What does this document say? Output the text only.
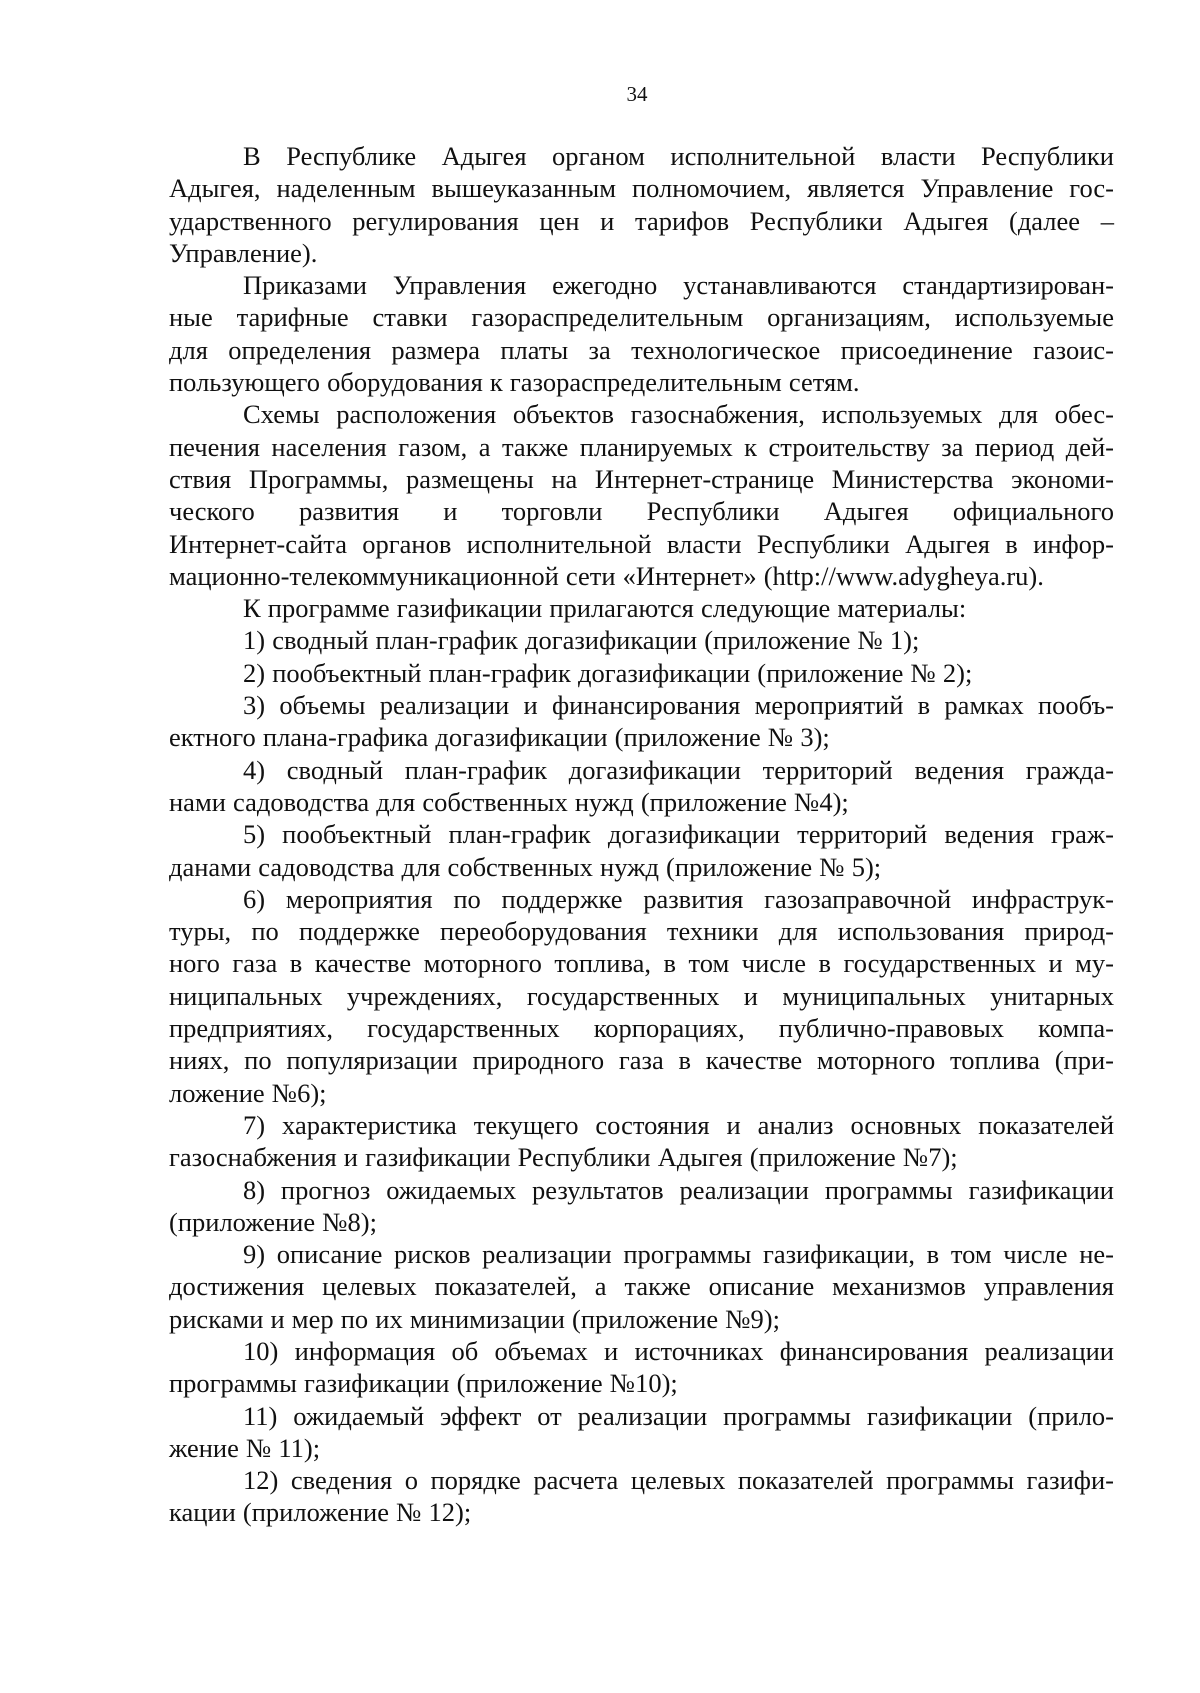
34
В Республике Адыгея органом исполнительной власти Республики
Адыгея, наделенным вышеуказанным полномочием, является Управление гос-
ударственного регулирования цен и тарифов Республики Адыгея (далее –
Управление).
Приказами Управления ежегодно устанавливаются стандартизирован-
ные тарифные ставки газораспределительным организациям, используемые
для определения размера платы за технологическое присоединение газоис-
пользующего оборудования к газораспределительным сетям.
Схемы расположения объектов газоснабжения, используемых для обес-
печения населения газом, а также планируемых к строительству за период дей-
ствия Программы, размещены на Интернет-странице Министерства экономи-
ческого развития и торговли Республики Адыгея официального
Интернет-сайта органов исполнительной власти Республики Адыгея в инфор-
мационно-телекоммуникационной сети «Интернет» (http://www.adygheya.ru).
К программе газификации прилагаются следующие материалы:
1) сводный план-график догазификации (приложение № 1);
2) пообъектный план-график догазификации (приложение № 2);
3) объемы реализации и финансирования мероприятий в рамках пообъ-
ектного плана-графика догазификации (приложение № 3);
4) сводный план-график догазификации территорий ведения гражда-
нами садоводства для собственных нужд (приложение №4);
5) пообъектный план-график догазификации территорий ведения граж-
данами садоводства для собственных нужд (приложение № 5);
6) мероприятия по поддержке развития газозаправочной инфраструк-
туры, по поддержке переоборудования техники для использования природ-
ного газа в качестве моторного топлива, в том числе в государственных и му-
ниципальных учреждениях, государственных и муниципальных унитарных
предприятиях, государственных корпорациях, публично-правовых компа-
ниях, по популяризации природного газа в качестве моторного топлива (при-
ложение №6);
7) характеристика текущего состояния и анализ основных показателей
газоснабжения и газификации Республики Адыгея (приложение №7);
8) прогноз ожидаемых результатов реализации программы газификации
(приложение №8);
9) описание рисков реализации программы газификации, в том числе не-
достижения целевых показателей, а также описание механизмов управления
рисками и мер по их минимизации (приложение №9);
10) информация об объемах и источниках финансирования реализации
программы газификации (приложение №10);
11) ожидаемый эффект от реализации программы газификации (прило-
жение № 11);
12) сведения о порядке расчета целевых показателей программы газифи-
кации (приложение № 12);
